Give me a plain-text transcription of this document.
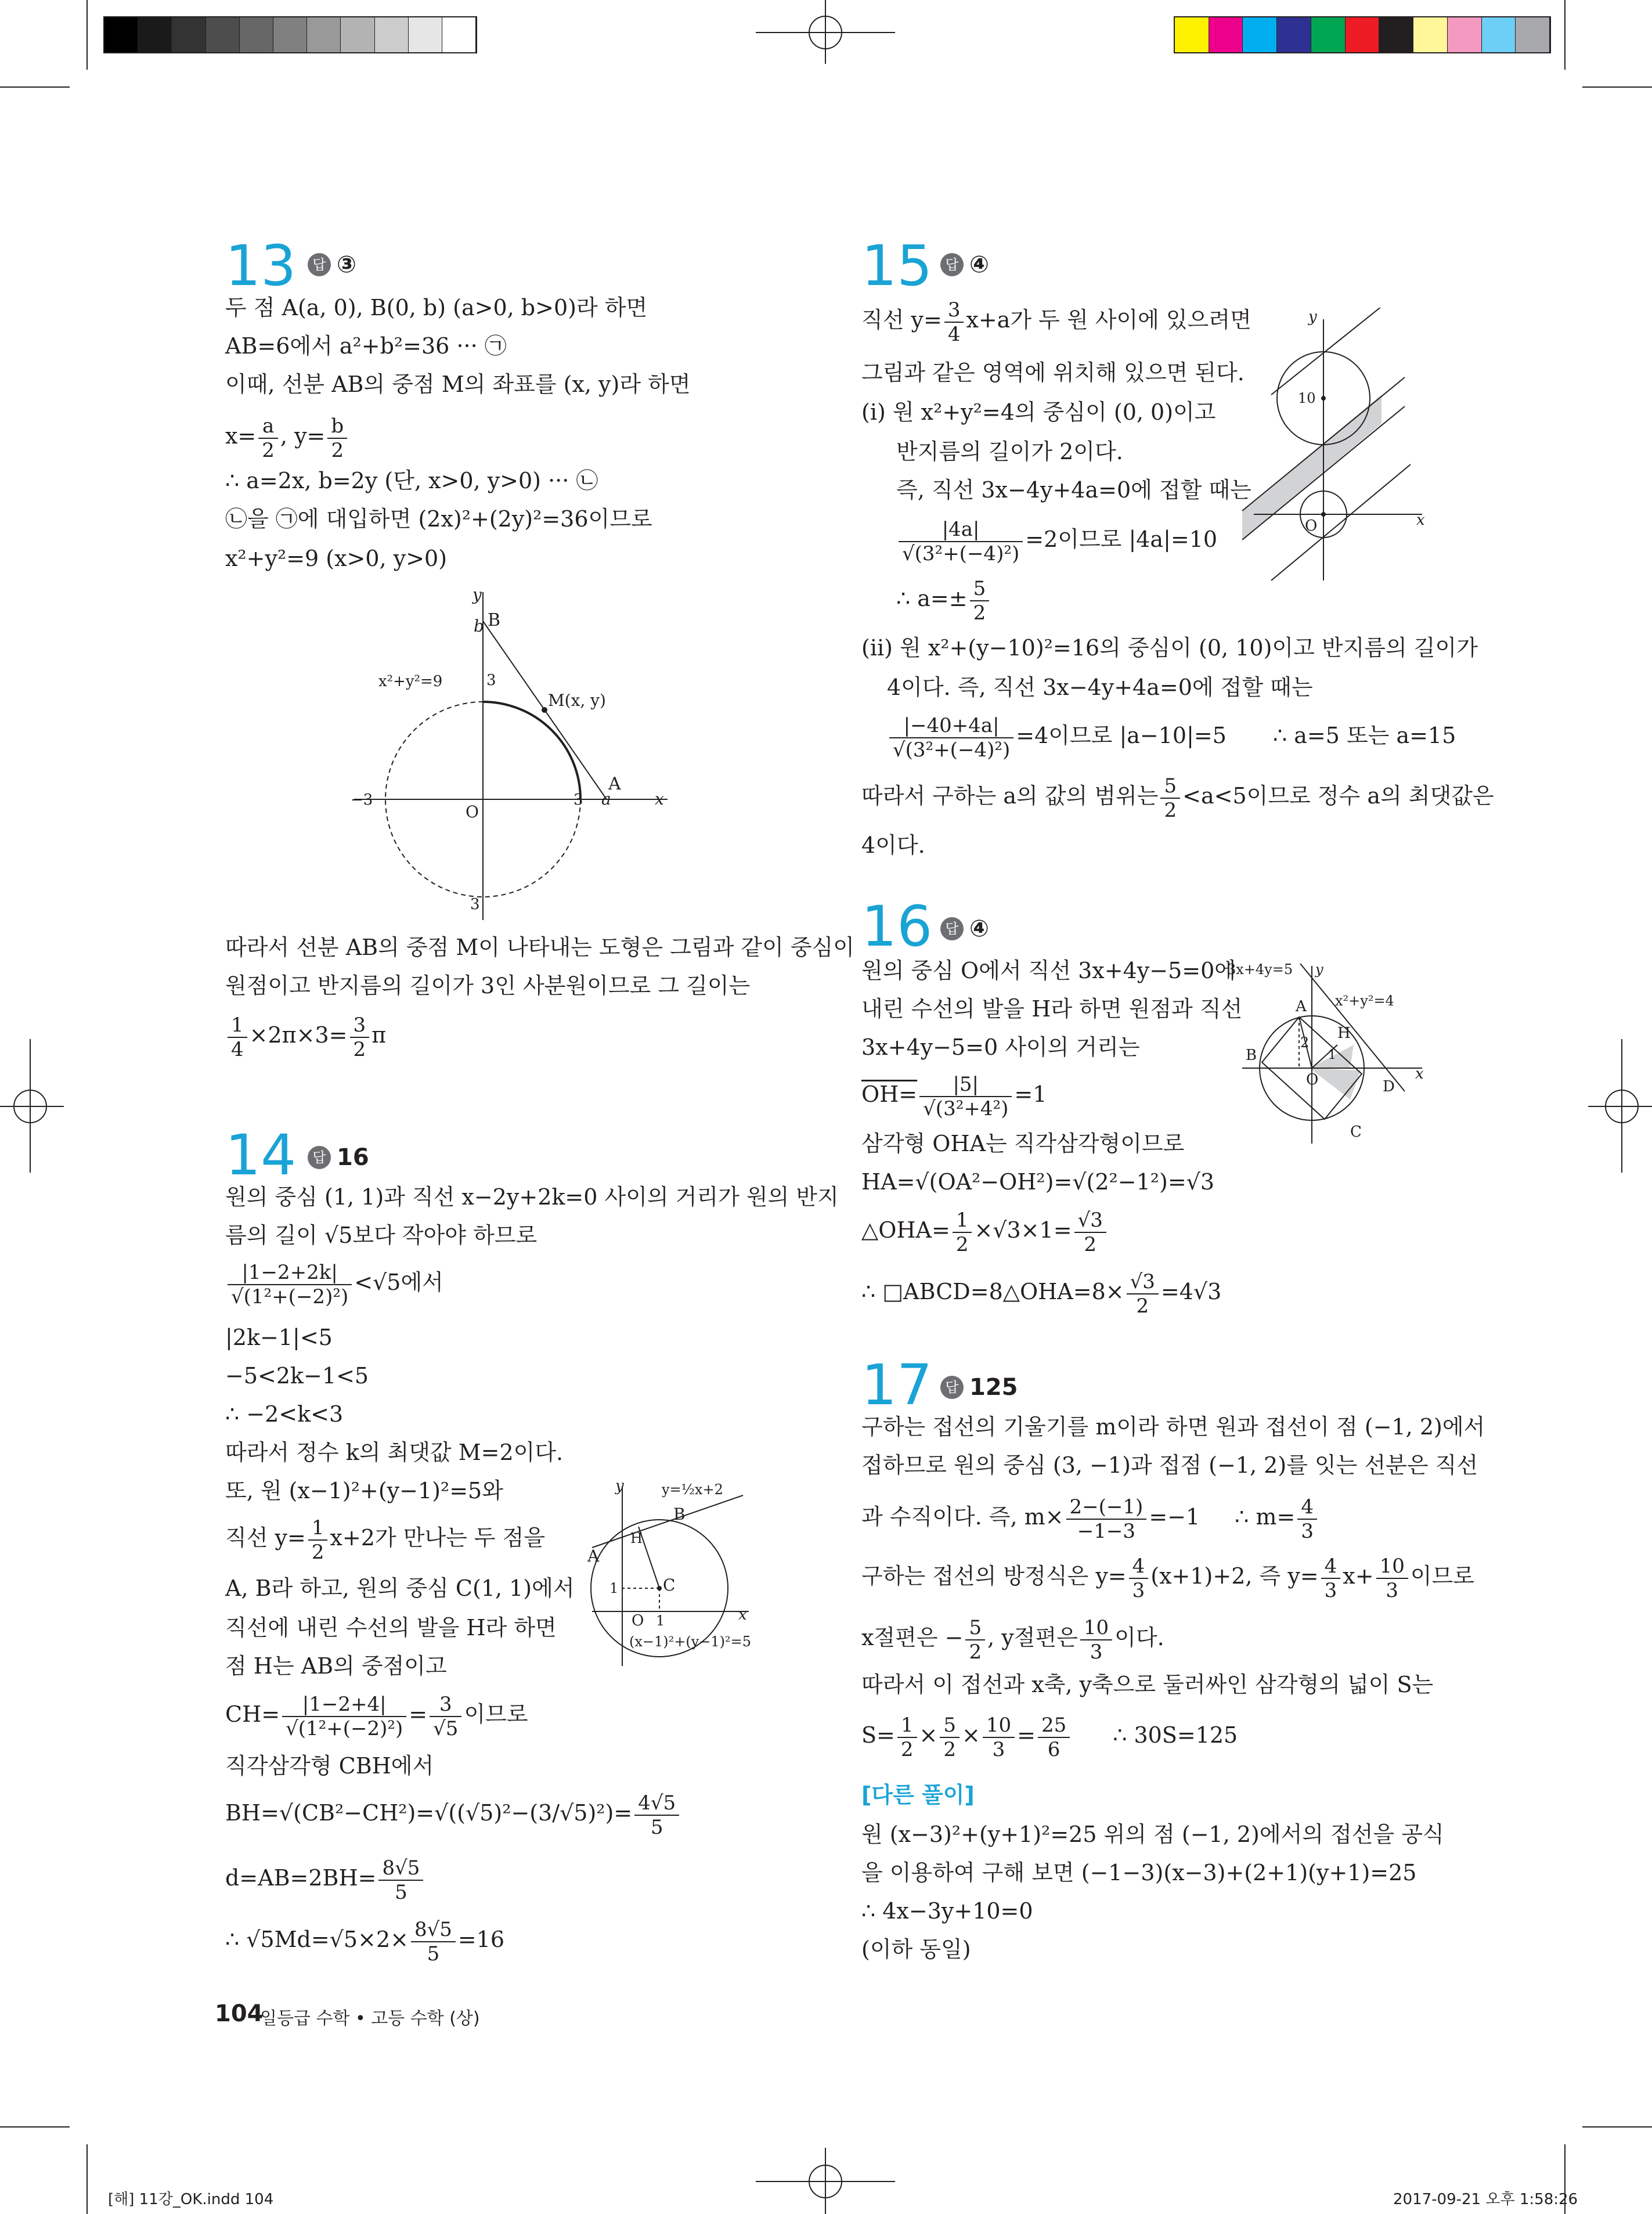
13	답 ③
두 점 A(a, 0), B(0, b) (a>0, b>0)라 하면
AB=6에서 a²+b²=36 ··· ㉠
이때, 선분 AB의 중점 M의 좌표를 (x, y)라 하면
$x= \frac{a}{2}$ , $y= \frac{b}{2}$
∴ a=2x, b=2y (단, x>0, y>0) ··· ㉡
㉡을 ㉠에 대입하면 (2x)²+(2y)²=36이므로
x²+y²=9 (x>0, y>0)
y
b B
x²+y²=9	3
M(x, y)
A
−3
O
3 a	x
3
따라서 선분 AB의 중점 M이 나타내는 도형은 그림과 같이 중심이
원점이고 반지름의 길이가 3인 사분원이므로 그 길이는
$\frac{1}{4} \times 2\pi\times 3= \frac{3}{2}$ π
14	답 16
원의 중심 (1, 1)과 직선 x−2y+2k=0 사이의 거리가 원의 반지
름의 길이 √5보다 작아야 하므로
$\frac{|1-2+2k|}{\text{√(1²+(−2)²)}} <√5$에서
|2k−1|<5
−5<2k−1<5
∴ −2<k<3
따라서 정수 k의 최댓값 M=2이다.
또, 원 (x−1)²+(y−1)²=5와
직선 $y= \frac{1}{2} x+2$가 만나는 두 점을
A, B라 하고, 원의 중심 C(1, 1)에서
직선에 내린 수선의 발을 H라 하면
점 H는 AB의 중점이고
$CH= \frac{|1-2+4|}{\text{√(1²+(−2)²)}} = \frac{3}{√5}$ 이므로
직각삼각형 CBH에서
$BH=√(CB^2-CH^2)=√((√5)^2-(3/√5)^2)= \frac{4√5}{5}$
$d=AB=2BH= \frac{8√5}{5}$
∴ $√5Md=√5\times 2\times \frac{8√5}{5} =16$
y	y=½x+2
B
A
H
C
1
O 1	x
(x−1)²+(y−1)²=5
15 답 ④
직선 $y= \frac{3}{4} x+a$가 두 원 사이에 있으려면
그림과 같은 영역에 위치해 있으면 된다.
(ⅰ) 원 x²+y²=4의 중심이 (0, 0)이고
반지름의 길이가 2이다.
즉, 직선 3x−4y+4a=0에 접할 때는
$\frac{|4a|}{\text{√(3²+(−4)²)}} =2$이므로 |4a|=10
∴ $a=\pm \frac{5}{2}$
(ⅱ) 원 x²+(y−10)²=16의 중심이 (0, 10)이고 반지름의 길이가
4이다. 즉, 직선 3x−4y+4a=0에 접할 때는
$\frac{|-40+4a|}{\text{√(3²+(−4)²)}} =4$이므로 |a−10|=5 ∴ a=5 또는 a=15
따라서 구하는 a의 값의 범위는 $\frac{5}{2} <a<5$이므로 정수 a의 최댓값은
4이다.
y
10
O	x
16 답 ④
원의 중심 O에서 직선 3x+4y−5=0에
내린 수선의 발을 H라 하면 원점과 직선
3x+4y−5=0 사이의 거리는
$OH= \frac{|5|}{\text{√(3²+4²)}} =1$
삼각형 OHA는 직각삼각형이므로
HA=√(OA²−OH²)=√(2²−1²)=√3
△OHA= $\frac{1}{2} \times√3\times 1= \frac{√3}{2}$
∴ □ABCD=8△OHA=8× $\frac{√3}{2} =4√3$
3x+4y=5 y
A x²+y²=4
H
2
1
B
O	D
x
C
17 답 125
구하는 접선의 기울기를 m이라 하면 원과 접선이 점 (−1, 2)에서
접하므로 원의 중심 (3, −1)과 접점 (−1, 2)를 잇는 선분은 직선
과 수직이다. 즉, $m\times \frac{2-(-1)}{-1-3} =-1$ ∴ $m= \frac{4}{3}$
구하는 접선의 방정식은 $y= \frac{4}{3} (x+1)+2$, 즉 $y= \frac{4}{3} x+ \frac{10}{3}$ 이므로
x절편은 − $\frac{5}{2}$ , y절편은 $\frac{10}{3}$ 이다.
따라서 이 접선과 x축, y축으로 둘러싸인 삼각형의 넓이 S는
$S= \frac{1}{2} \times \frac{5}{2} \times \frac{10}{3} = \frac{25}{6}$ ∴ 30S=125
[다른 풀이]
원 (x−3)²+(y+1)²=25 위의 점 (−1, 2)에서의 접선을 공식
을 이용하여 구해 보면 (−1−3)(x−3)+(2+1)(y+1)=25
∴ 4x−3y+10=0
(이하 동일)
104
일등급 수학 • 고등 수학 (상)
[해] 11강_OK.indd 104	2017-09-21 오후 1:58:26
